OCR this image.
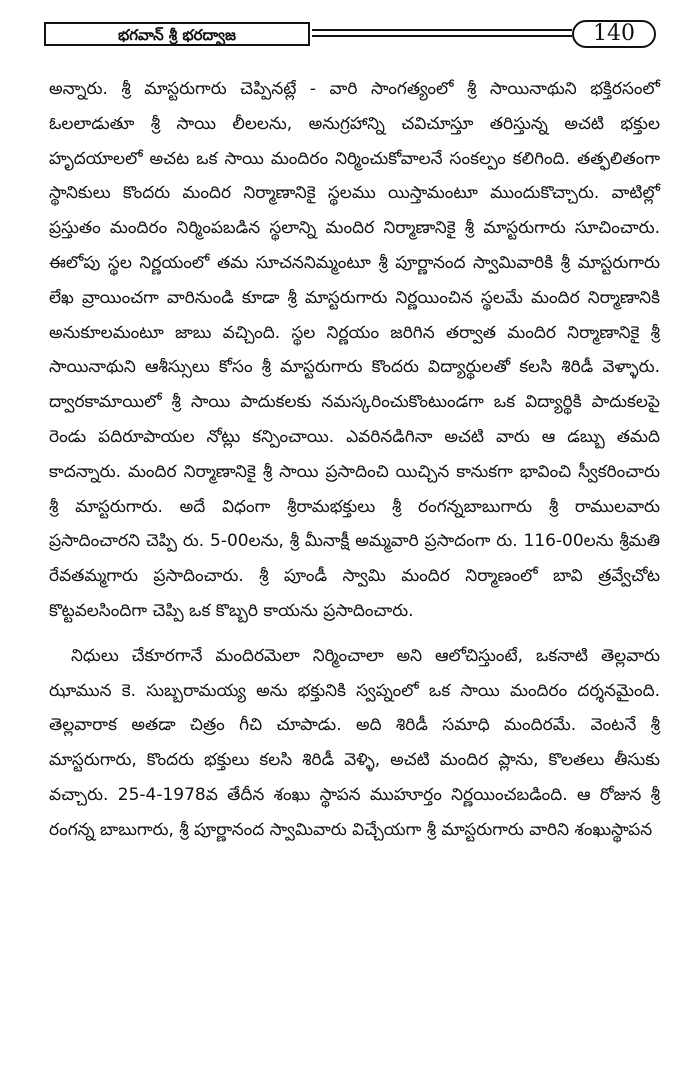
భగవాన్ శ్రీ భరద్వాజ	140

అన్నారు. శ్రీ మాస్టరుగారు చెప్పినట్లే - వారి సాంగత్యంలో శ్రీ సాయినాథుని భక్తిరసంలో ఓలలాడుతూ శ్రీ సాయి లీలలను, అనుగ్రహాన్ని చవిచూస్తూ తరిస్తున్న అచటి భక్తుల హృదయాలలో అచట ఒక సాయి మందిరం నిర్మించుకోవాలనే సంకల్పం కలిగింది. తత్ఫలితంగా స్థానికులు కొందరు మందిర నిర్మాణానికై స్థలము యిస్తామంటూ ముందుకొచ్చారు. వాటిల్లో ప్రస్తుతం మందిరం నిర్మింపబడిన స్థలాన్ని మందిర నిర్మాణానికై శ్రీ మాస్టరుగారు సూచించారు. ఈలోపు స్థల నిర్ణయంలో తమ సూచననిమ్మంటూ శ్రీ పూర్ణానంద స్వామివారికి శ్రీ మాస్టరుగారు లేఖ వ్రాయించగా వారినుండి కూడా శ్రీ మాస్టరుగారు నిర్ణయించిన స్థలమే మందిర నిర్మాణానికి అనుకూలమంటూ జాబు వచ్చింది. స్థల నిర్ణయం జరిగిన తర్వాత మందిర నిర్మాణానికై శ్రీ సాయినాథుని ఆశీస్సులు కోసం శ్రీ మాస్టరుగారు కొందరు విద్యార్థులతో కలసి శిరిడీ వెళ్ళారు. ద్వారకామాయిలో శ్రీ సాయి పాదుకలకు నమస్కరించుకొంటుండగా ఒక విద్యార్థికి పాదుకలపై రెండు పదిరూపాయల నోట్లు కన్పించాయి. ఎవరినడిగినా అచటి వారు ఆ డబ్బు తమది కాదన్నారు. మందిర నిర్మాణానికై శ్రీ సాయి ప్రసాదించి యిచ్చిన కానుకగా భావించి స్వీకరించారు శ్రీ మాస్టరుగారు. అదే విధంగా శ్రీరామభక్తులు శ్రీ రంగన్నబాబుగారు శ్రీ రాములవారు ప్రసాదించారని చెప్పి రు. 5-00లను, శ్రీ మీనాక్షీ అమ్మవారి ప్రసాదంగా రు. 116-00లను శ్రీమతి రేవతమ్మగారు ప్రసాదించారు. శ్రీ పూండీ స్వామి మందిర నిర్మాణంలో బావి త్రవ్వేచోట కొట్టవలసిందిగా చెప్పి ఒక కొబ్బరి కాయను ప్రసాదించారు.

నిధులు చేకూరగానే మందిరమెలా నిర్మించాలా అని ఆలోచిస్తుంటే, ఒకనాటి తెల్లవారు ఝామున కె. సుబ్బరామయ్య అను భక్తునికి స్వప్నంలో ఒక సాయి మందిరం దర్శనమైంది. తెల్లవారాక అతడా చిత్రం గీచి చూపాడు. అది శిరిడీ సమాధి మందిరమే. వెంటనే శ్రీ మాస్టరుగారు, కొందరు భక్తులు కలసి శిరిడీ వెళ్ళి, అచటి మందిర ప్లాను, కొలతలు తీసుకు వచ్చారు. 25-4-1978వ తేదీన శంఖు స్థాపన ముహూర్తం నిర్ణయించబడింది. ఆ రోజున శ్రీ రంగన్న బాబుగారు, శ్రీ పూర్ణానంద స్వామివారు విచ్చేయగా శ్రీ మాస్టరుగారు వారిని శంఖుస్థాపన
